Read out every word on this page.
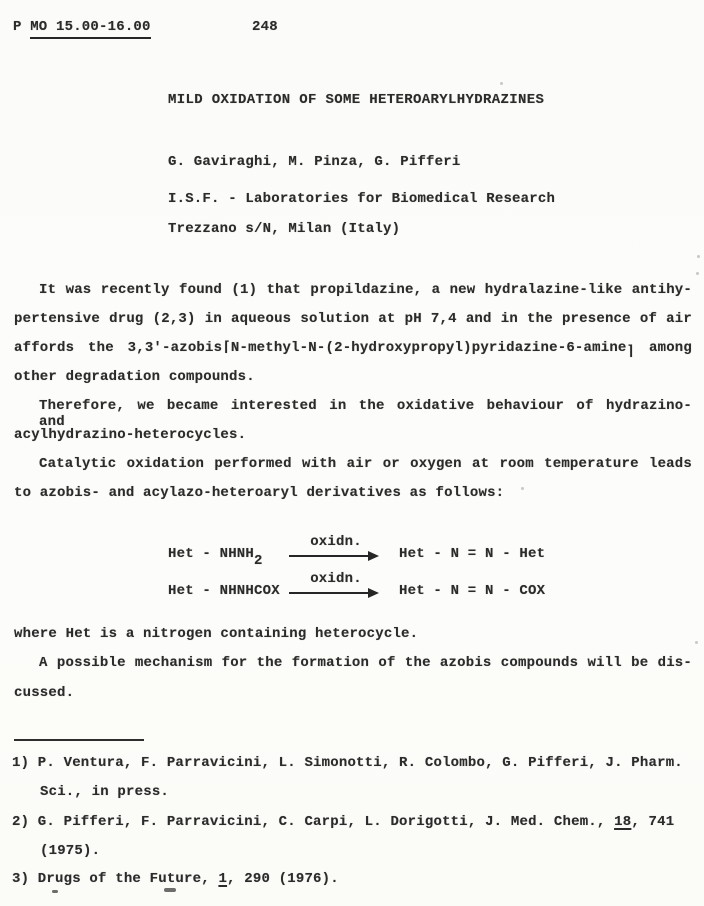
P MO 15.00-16.00	248
MILD OXIDATION OF SOME HETEROARYLHYDRAZINES
G. Gaviraghi, M. Pinza, G. Pifferi
I.S.F. - Laboratories for Biomedical Research
Trezzano s/N, Milan (Italy)
It was recently found (1) that propildazine, a new hydralazine-like antihy-
pertensive drug (2,3) in aqueous solution at pH 7,4 and in the presence of air
affords the 3,3'-azobis⌈N-methyl-N-(2-hydroxypropyl)pyridazine-6-amine⌉ among
other degradation compounds.
Therefore, we became interested in the oxidative behaviour of hydrazino- and
acylhydrazino-heterocycles.
Catalytic oxidation performed with air or oxygen at room temperature leads
to azobis- and acylazo-heteroaryl derivatives as follows:
oxidn.
Het - NHNH2	Het - N = N - Het
oxidn.
Het - NHNHCOX	Het - N = N - COX
where Het is a nitrogen containing heterocycle.
A possible mechanism for the formation of the azobis compounds will be dis-
cussed.
1) P. Ventura, F. Parravicini, L. Simonotti, R. Colombo, G. Pifferi, J. Pharm.
Sci., in press.
2) G. Pifferi, F. Parravicini, C. Carpi, L. Dorigotti, J. Med. Chem., 18, 741
(1975).
3) Drugs of the Future, 1, 290 (1976).
